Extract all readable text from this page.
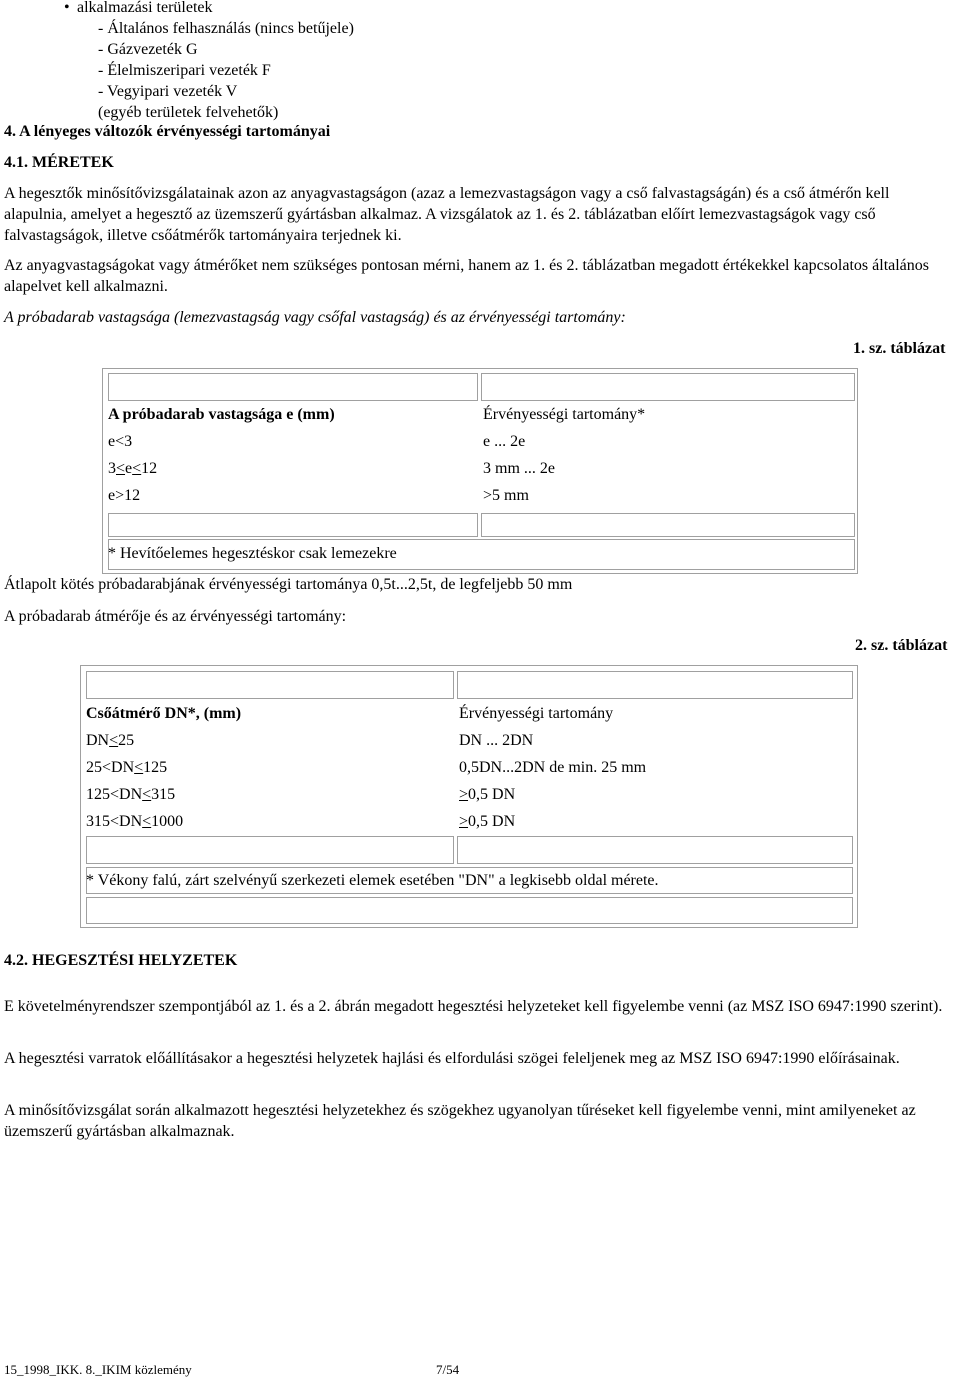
• alkalmazási területek
- Általános felhasználás (nincs betűjele)
- Gázvezeték G
- Élelmiszeripari vezeték F
- Vegyipari vezeték V
(egyéb területek felvehetők)
4. A lényeges változók érvényességi tartományai
4.1. MÉRETEK
A hegesztők minősítővizsgálatainak azon az anyagvastagságon (azaz a lemezvastagságon vagy a cső falvastagságán) és a cső átmérőn kell alapulnia, amelyet a hegesztő az üzemszerű gyártásban alkalmaz. A vizsgálatok az 1. és 2. táblázatban előírt lemezvastagságok vagy cső falvastagságok, illetve csőátmérők tartományaira terjednek ki.
Az anyagvastagságokat vagy átmérőket nem szükséges pontosan mérni, hanem az 1. és 2. táblázatban megadott értékekkel kapcsolatos általános alapelvet kell alkalmazni.
A próbadarab vastagsága (lemezvastagság vagy csőfal vastagság) és az érvényességi tartomány:
1. sz. táblázat
A próbadarab vastagsága e (mm)	Érvényességi tartomány*
e<3	e ... 2e
3<e<12	3 mm ... 2e
e>12	>5 mm
* Hevítőelemes hegesztéskor csak lemezekre
Átlapolt kötés próbadarabjának érvényességi tartománya 0,5t...2,5t, de legfeljebb 50 mm
A próbadarab átmérője és az érvényességi tartomány:
2. sz. táblázat
Csőátmérő DN*, (mm)	Érvényességi tartomány
DN<25	DN ... 2DN
25<DN<125	0,5DN...2DN de min. 25 mm
125<DN<315	>0,5 DN
315<DN<1000	>0,5 DN
* Vékony falú, zárt szelvényű szerkezeti elemek esetében "DN" a legkisebb oldal mérete.
4.2. HEGESZTÉSI HELYZETEK
E követelményrendszer szempontjából az 1. és a 2. ábrán megadott hegesztési helyzeteket kell figyelembe venni (az MSZ ISO 6947:1990 szerint).
A hegesztési varratok előállításakor a hegesztési helyzetek hajlási és elfordulási szögei feleljenek meg az MSZ ISO 6947:1990 előírásainak.
A minősítővizsgálat során alkalmazott hegesztési helyzetekhez és szögekhez ugyanolyan tűréseket kell figyelembe venni, mint amilyeneket az üzemszerű gyártásban alkalmaznak.
15_1998_IKK. 8._IKIM közlemény	7/54
